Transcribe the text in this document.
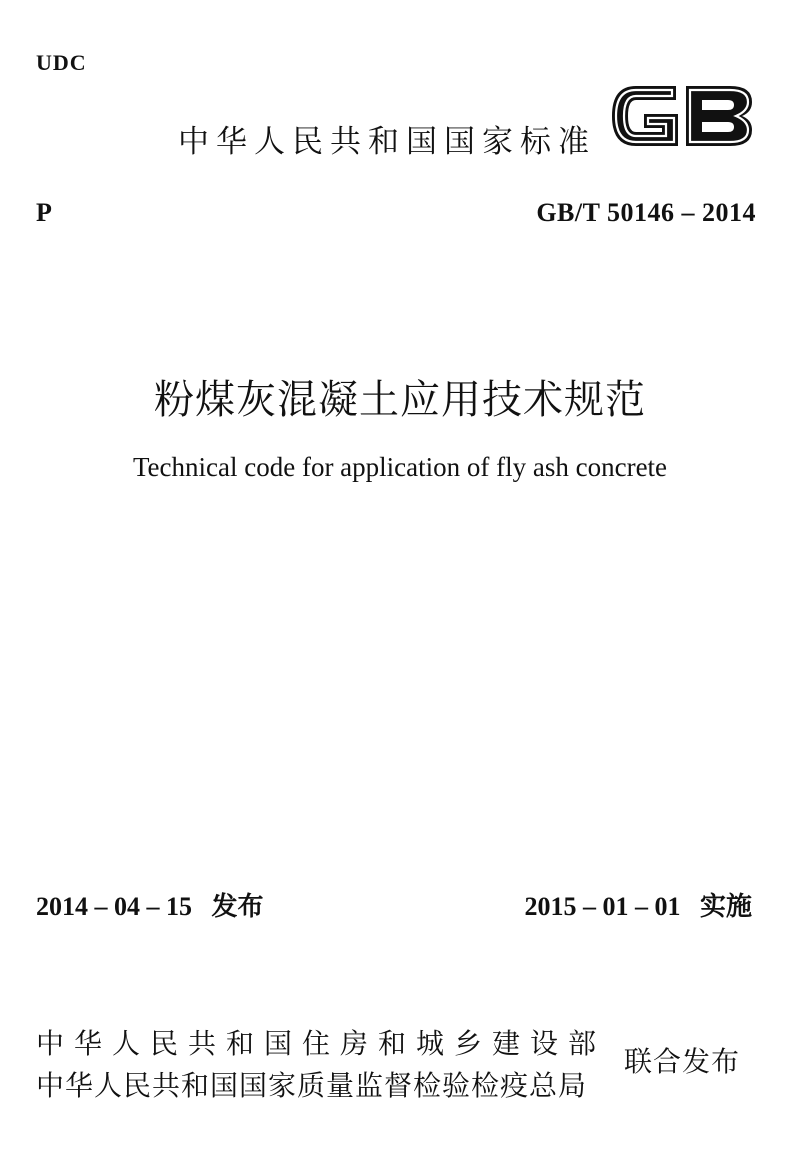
UDC
中华人民共和国国家标准
P	GB/T 50146 – 2014
粉煤灰混凝土应用技术规范
Technical code for application of fly ash concrete
2014 – 04 – 15 发布	2015 – 01 – 01 实施
中华人民共和国住房和城乡建设部
中华人民共和国国家质量监督检验检疫总局
联合发布
